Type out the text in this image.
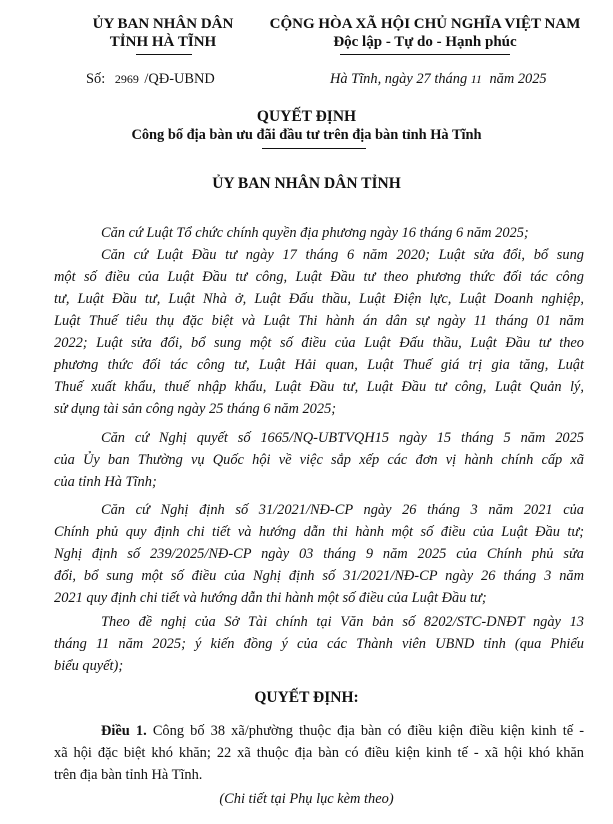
ỦY BAN NHÂN DÂN
TỈNH HÀ TĨNH
CỘNG HÒA XÃ HỘI CHỦ NGHĨA VIỆT NAM
Độc lập - Tự do - Hạnh phúc
Số: 2969 /QĐ-UBND	Hà Tĩnh, ngày 27 tháng 11 năm 2025
QUYẾT ĐỊNH
Công bố địa bàn ưu đãi đầu tư trên địa bàn tỉnh Hà Tĩnh
ỦY BAN NHÂN DÂN TỈNH
Căn cứ Luật Tổ chức chính quyền địa phương ngày 16 tháng 6 năm 2025;
Căn cứ Luật Đầu tư ngày 17 tháng 6 năm 2020; Luật sửa đổi, bổ sung
một số điều của Luật Đầu tư công, Luật Đầu tư theo phương thức đối tác công
tư, Luật Đầu tư, Luật Nhà ở, Luật Đấu thầu, Luật Điện lực, Luật Doanh nghiệp,
Luật Thuế tiêu thụ đặc biệt và Luật Thi hành án dân sự ngày 11 tháng 01 năm
2022; Luật sửa đổi, bổ sung một số điều của Luật Đấu thầu, Luật Đầu tư theo
phương thức đối tác công tư, Luật Hải quan, Luật Thuế giá trị gia tăng, Luật
Thuế xuất khẩu, thuế nhập khẩu, Luật Đầu tư, Luật Đầu tư công, Luật Quản lý,
sử dụng tài sản công ngày 25 tháng 6 năm 2025;
Căn cứ Nghị quyết số 1665/NQ-UBTVQH15 ngày 15 tháng 5 năm 2025
của Ủy ban Thường vụ Quốc hội về việc sắp xếp các đơn vị hành chính cấp xã
của tỉnh Hà Tĩnh;
Căn cứ Nghị định số 31/2021/NĐ-CP ngày 26 tháng 3 năm 2021 của
Chính phủ quy định chi tiết và hướng dẫn thi hành một số điều của Luật Đầu tư;
Nghị định số 239/2025/NĐ-CP ngày 03 tháng 9 năm 2025 của Chính phủ sửa
đổi, bổ sung một số điều của Nghị định số 31/2021/NĐ-CP ngày 26 tháng 3 năm
2021 quy định chi tiết và hướng dẫn thi hành một số điều của Luật Đầu tư;
Theo đề nghị của Sở Tài chính tại Văn bản số 8202/STC-DNĐT ngày 13
tháng 11 năm 2025; ý kiến đồng ý của các Thành viên UBND tỉnh (qua Phiếu
biểu quyết);
QUYẾT ĐỊNH:
Điều 1. Công bố 38 xã/phường thuộc địa bàn có điều kiện điều kiện kinh tế -
xã hội đặc biệt khó khăn; 22 xã thuộc địa bàn có điều kiện kinh tế - xã hội khó khăn
trên địa bàn tỉnh Hà Tĩnh.
(Chi tiết tại Phụ lục kèm theo)
